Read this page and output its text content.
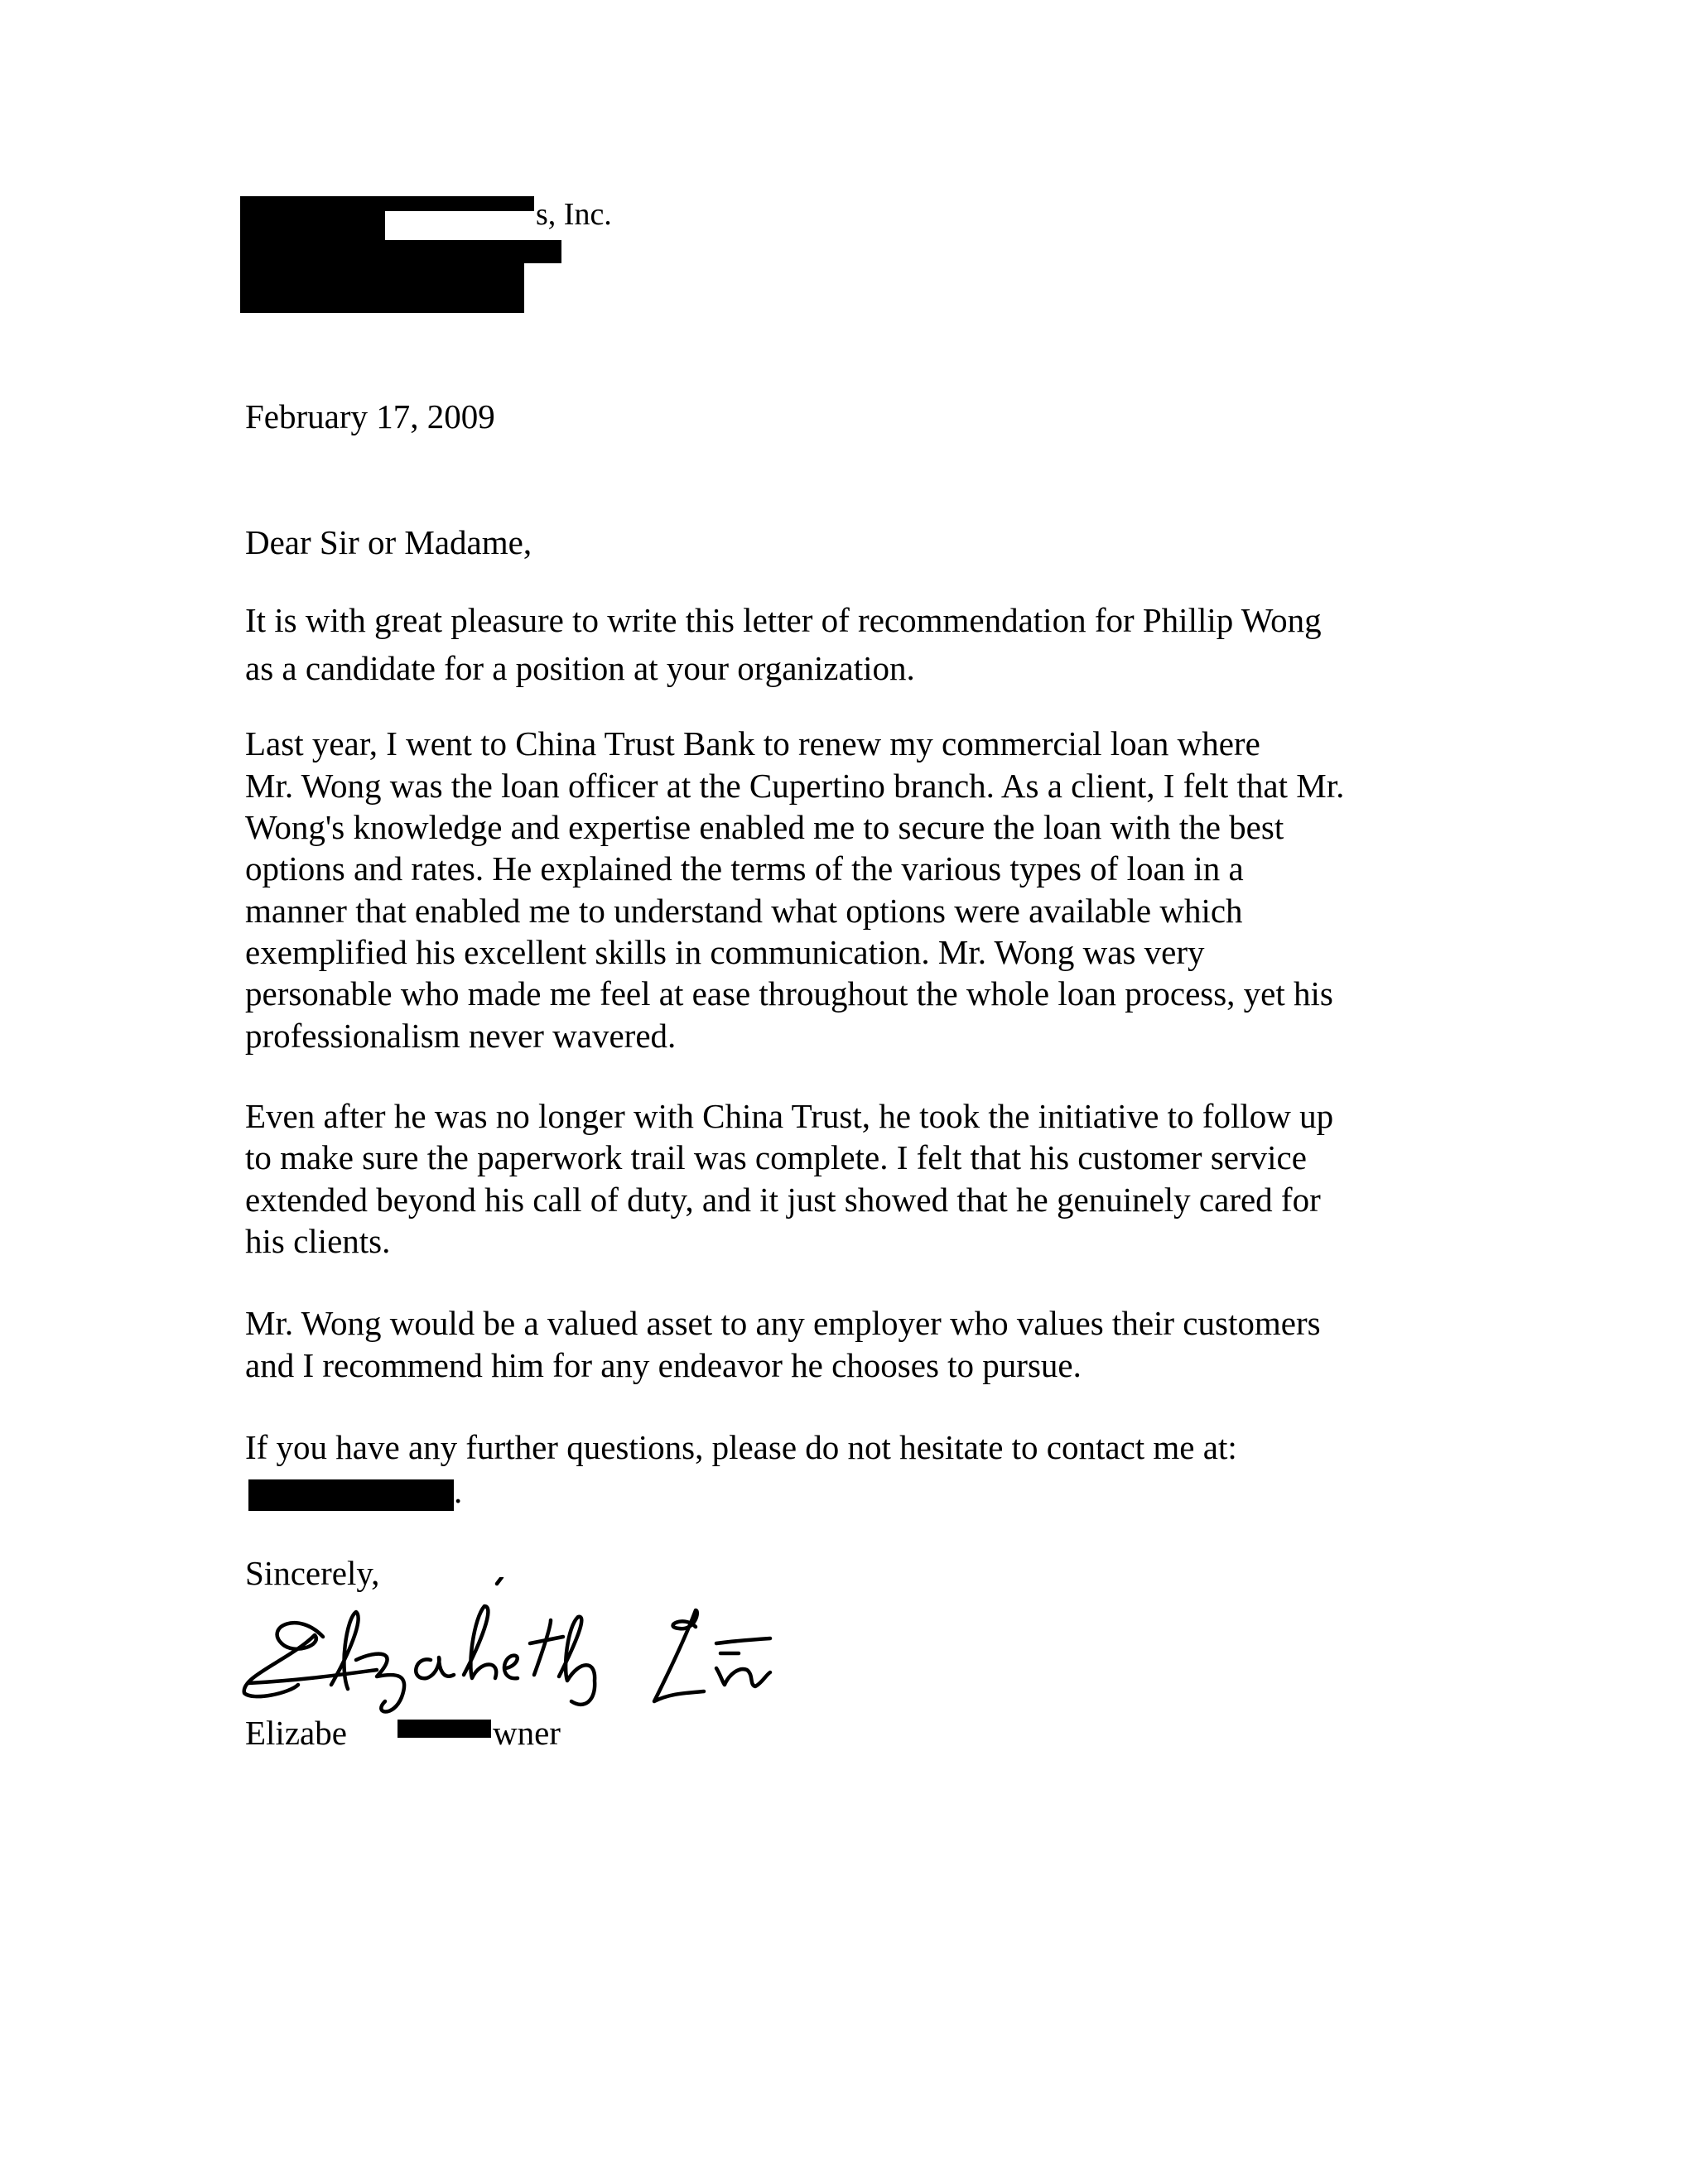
s, Inc.
February 17, 2009
Dear Sir or Madame,
It is with great pleasure to write this letter of recommendation for Phillip Wong
as a candidate for a position at your organization.
Last year, I went to China Trust Bank to renew my commercial loan where
Mr. Wong was the loan officer at the Cupertino branch. As a client, I felt that Mr.
Wong's knowledge and expertise enabled me to secure the loan with the best
options and rates. He explained the terms of the various types of loan in a
manner that enabled me to understand what options were available which
exemplified his excellent skills in communication. Mr. Wong was very
personable who made me feel at ease throughout the whole loan process, yet his
professionalism never wavered.
Even after he was no longer with China Trust, he took the initiative to follow up
to make sure the paperwork trail was complete. I felt that his customer service
extended beyond his call of duty, and it just showed that he genuinely cared for
his clients.
Mr. Wong would be a valued asset to any employer who values their customers
and I recommend him for any endeavor he chooses to pursue.
If you have any further questions, please do not hesitate to contact me at:
.
Sincerely,
Elizabe	wner
